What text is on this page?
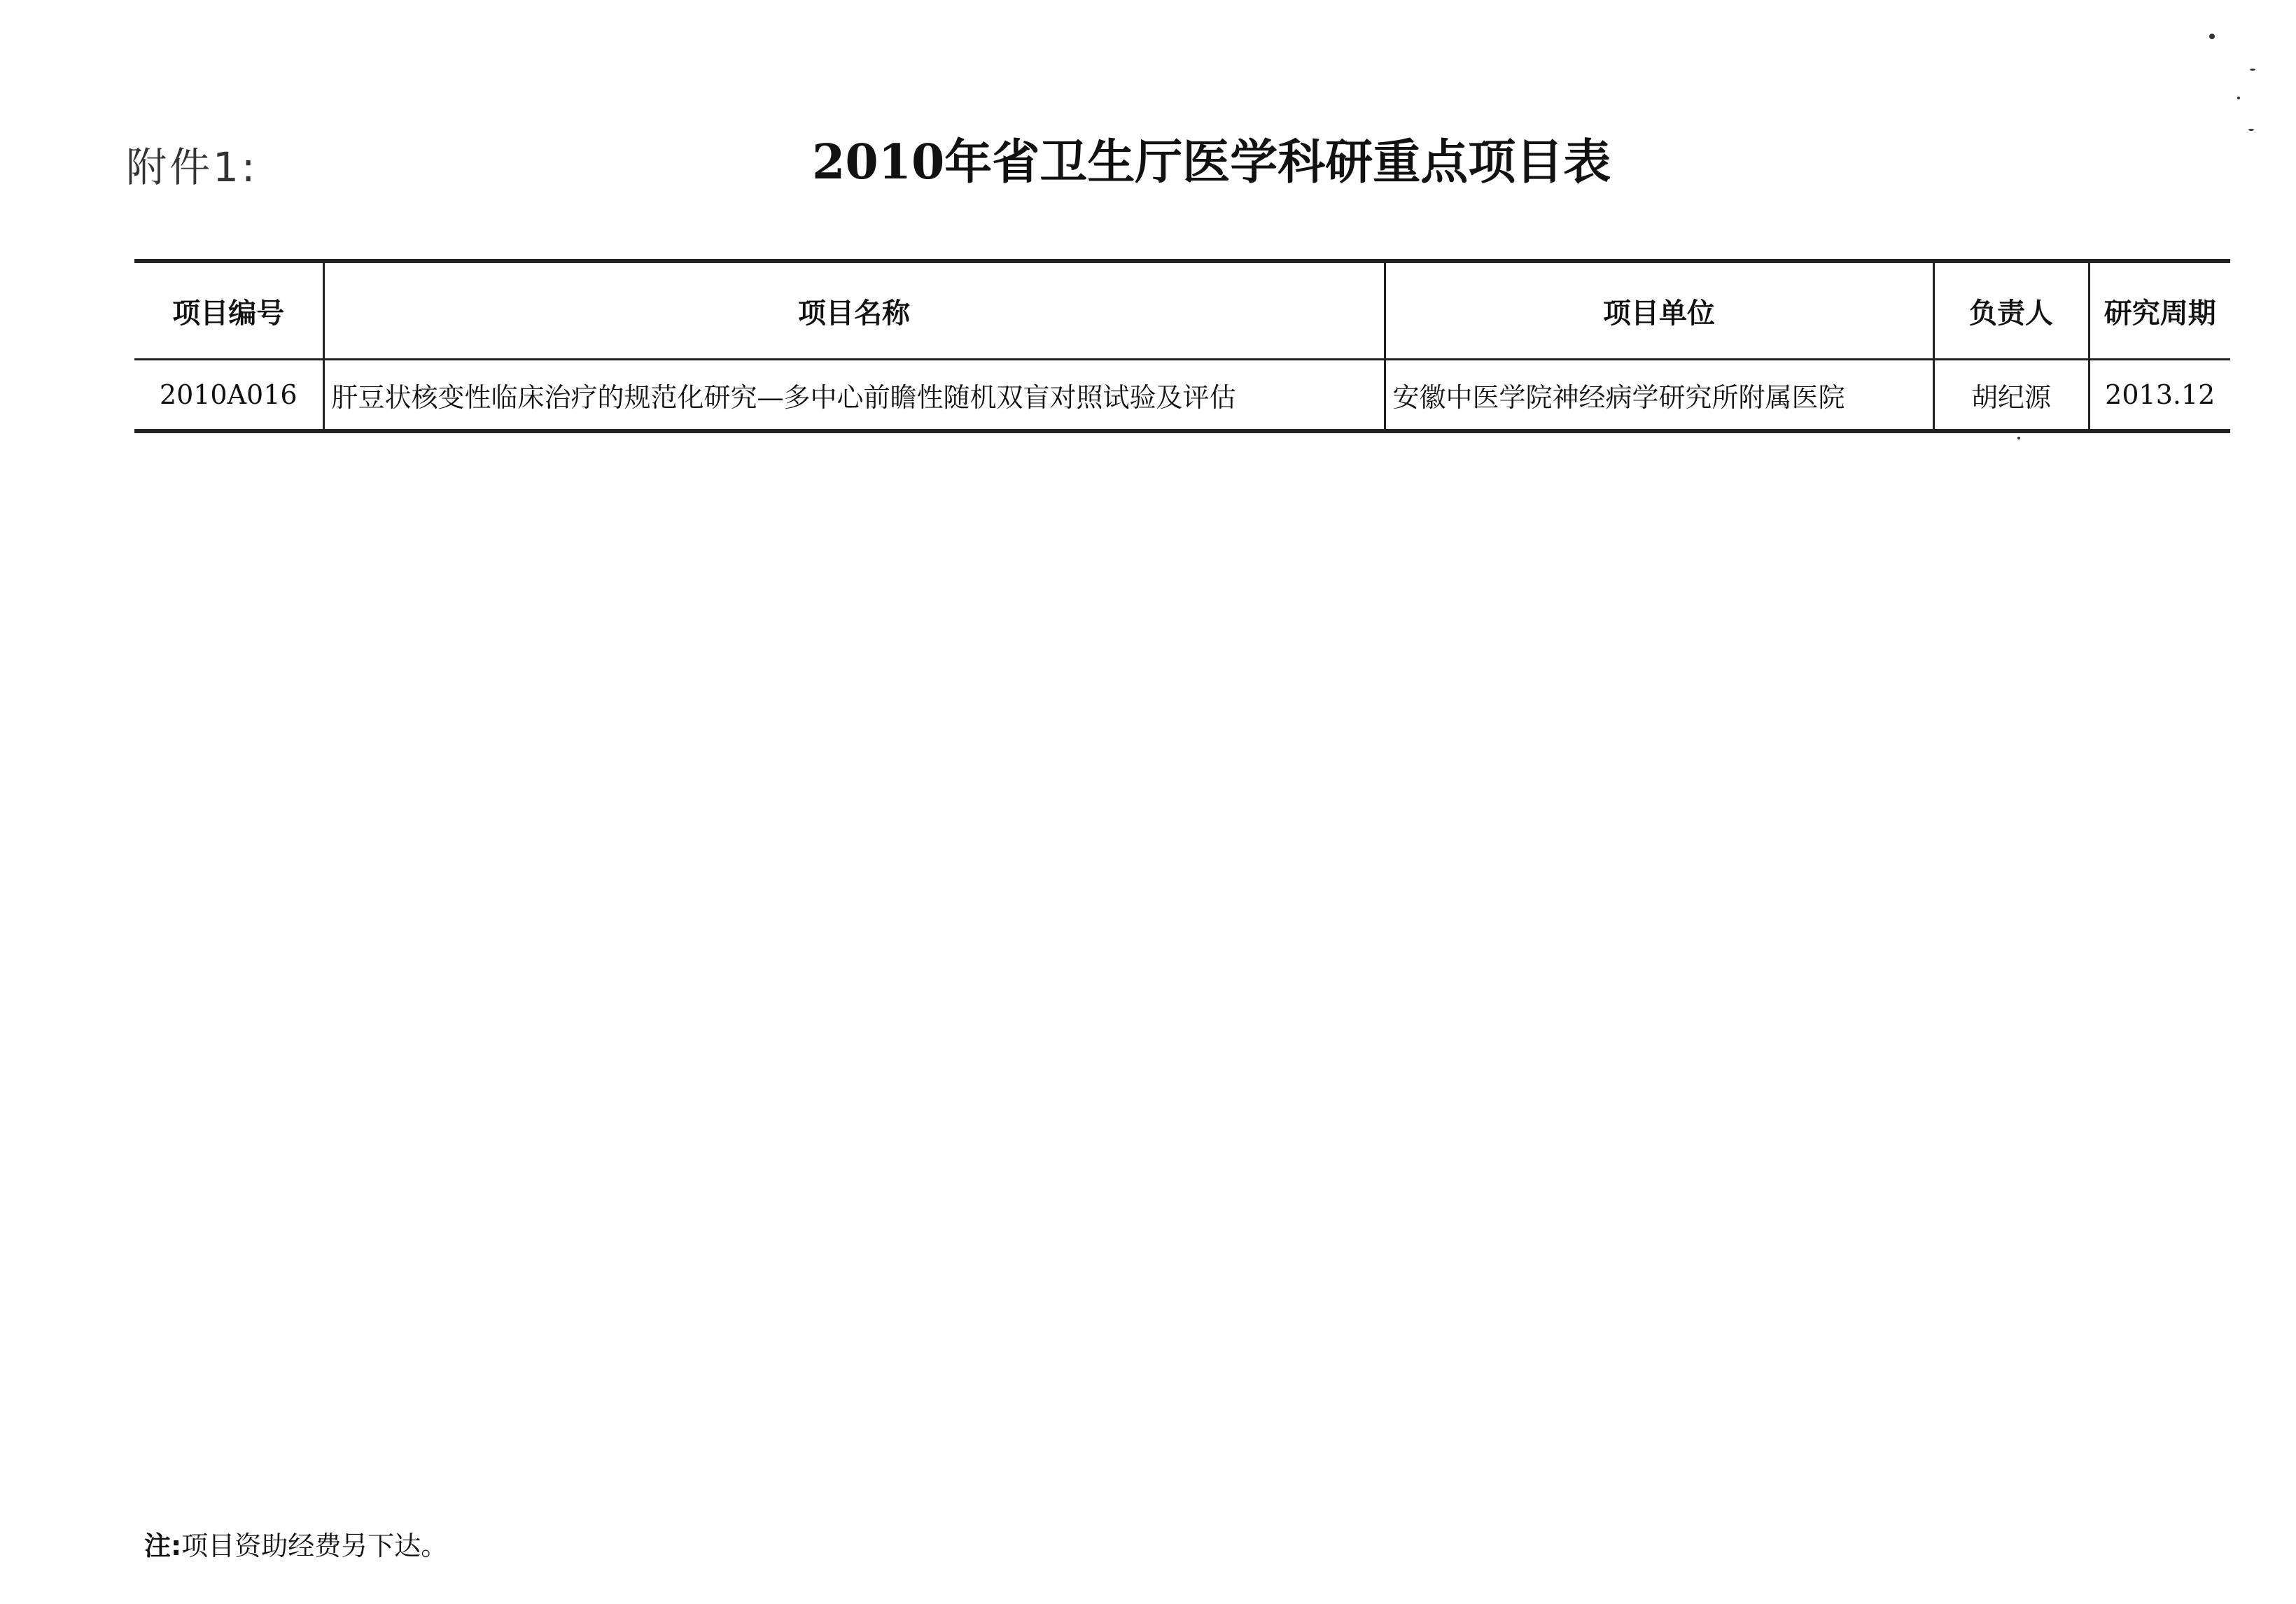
附件1:	2010年省卫生厅医学科研重点项目表
项目编号	项目名称	项目单位	负责人	研究周期
2010A016	肝豆状核变性临床治疗的规范化研究—多中心前瞻性随机双盲对照试验及评估	安徽中医学院神经病学研究所附属医院	胡纪源	2013.12
注:项目资助经费另下达。
